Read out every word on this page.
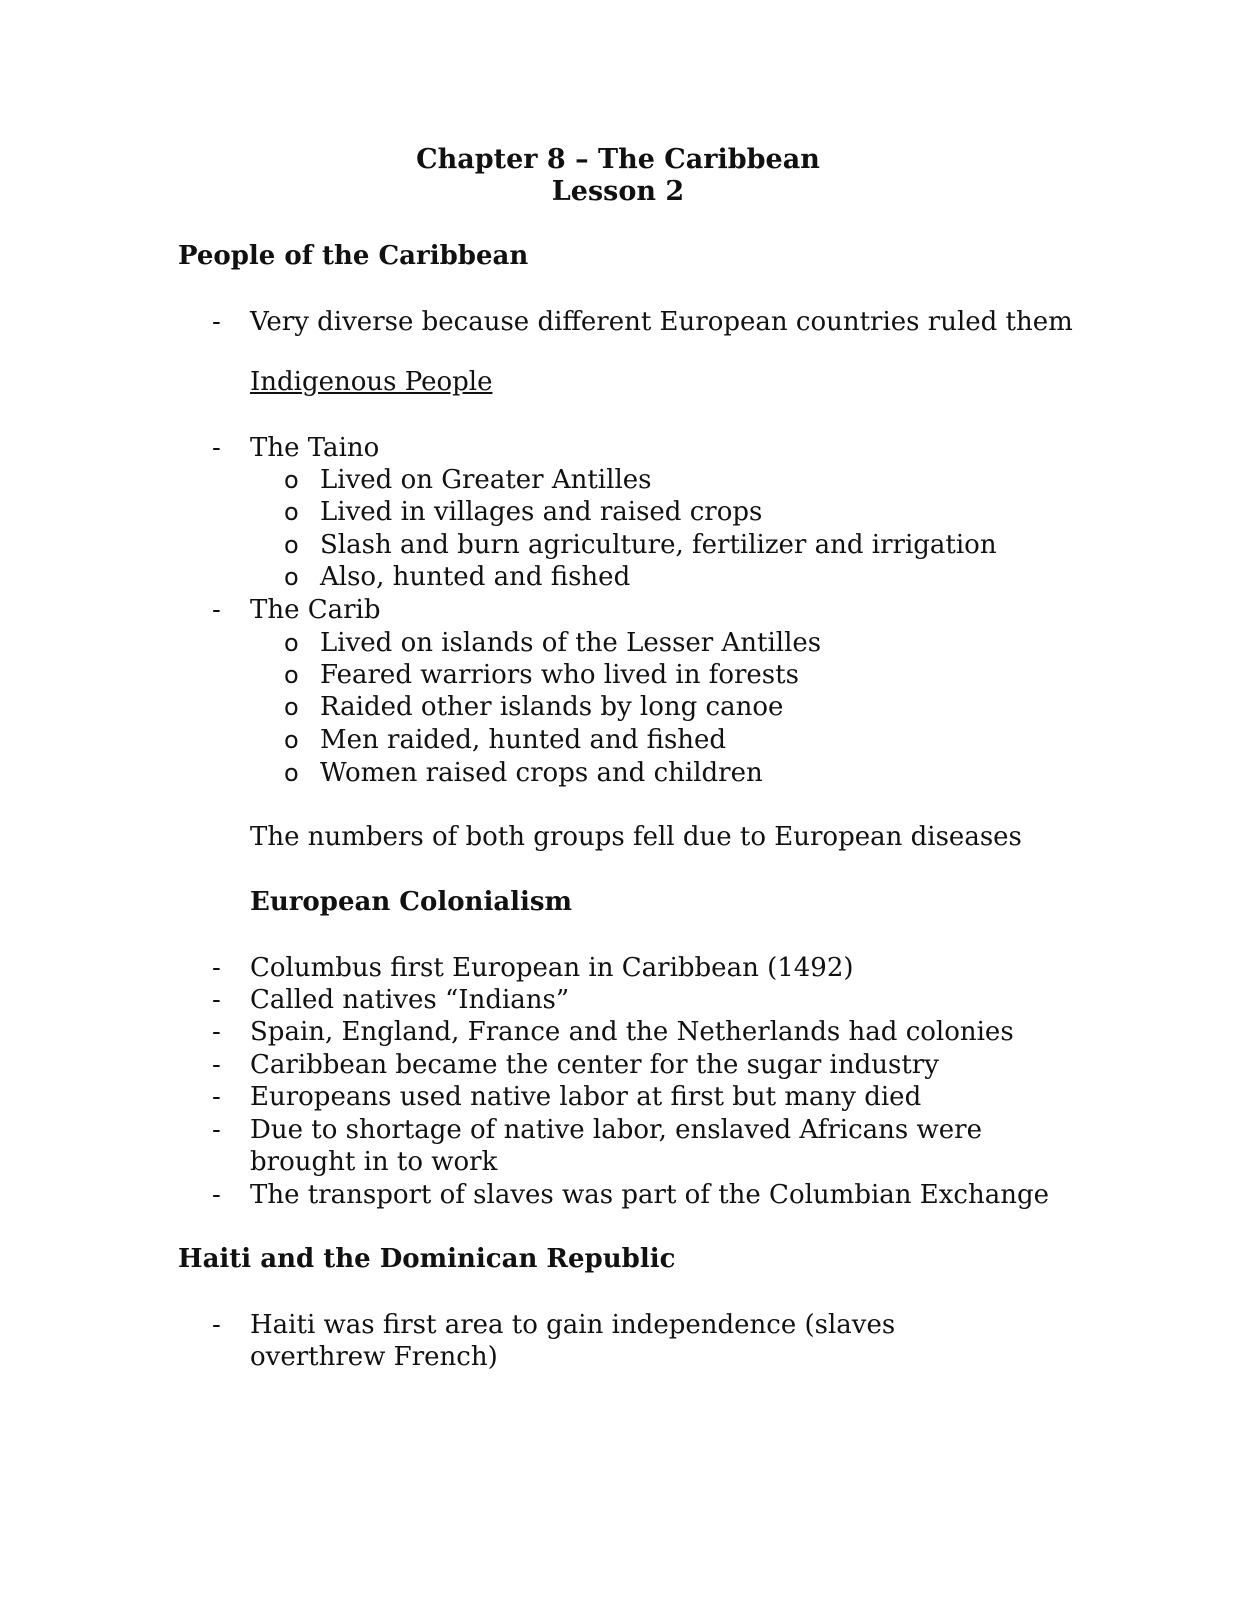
Chapter 8 – The Caribbean
Lesson 2
People of the Caribbean
- Very diverse because different European countries ruled them
Indigenous People
- The Taino
o Lived on Greater Antilles
o Lived in villages and raised crops
o Slash and burn agriculture, fertilizer and irrigation
o Also, hunted and fished
- The Carib
o Lived on islands of the Lesser Antilles
o Feared warriors who lived in forests
o Raided other islands by long canoe
o Men raided, hunted and fished
o Women raised crops and children
The numbers of both groups fell due to European diseases
European Colonialism
- Columbus first European in Caribbean (1492)
- Called natives “Indians”
- Spain, England, France and the Netherlands had colonies
- Caribbean became the center for the sugar industry
- Europeans used native labor at first but many died
- Due to shortage of native labor, enslaved Africans were brought in to work
- The transport of slaves was part of the Columbian Exchange
Haiti and the Dominican Republic
- Haiti was first area to gain independence (slaves overthrew French)
